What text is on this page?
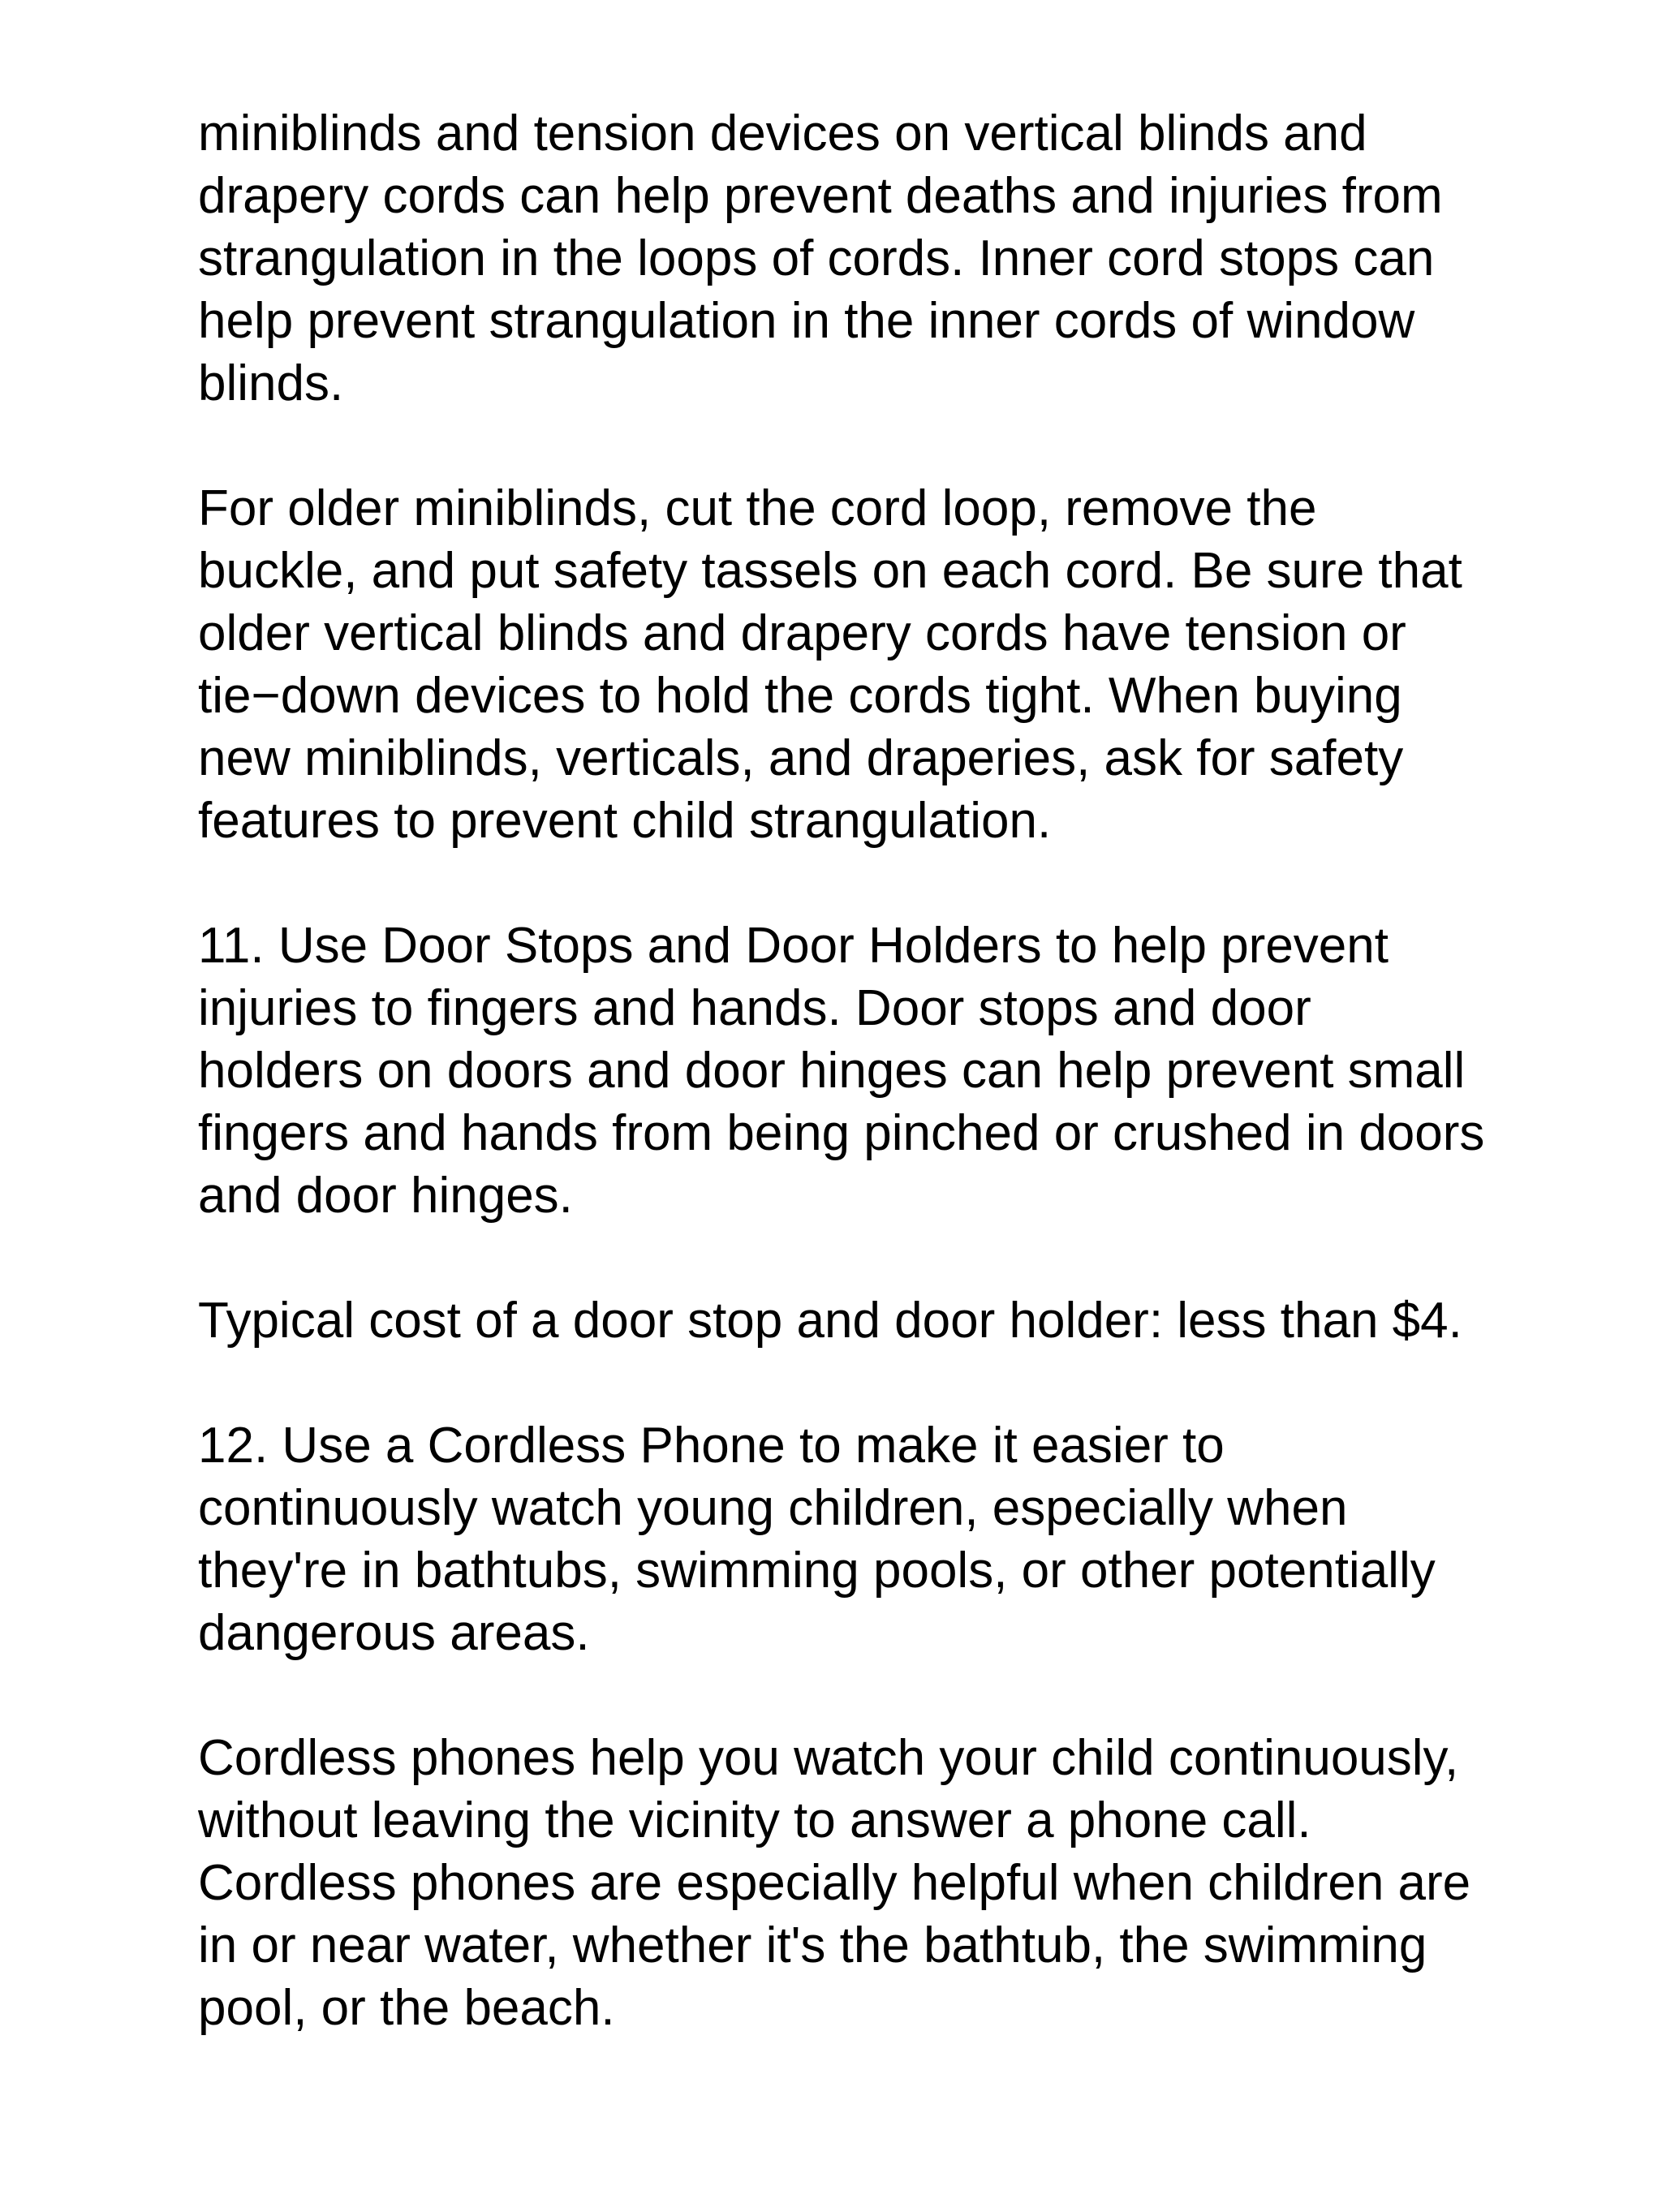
miniblinds and tension devices on vertical blinds and
drapery cords can help prevent deaths and injuries from
strangulation in the loops of cords. Inner cord stops can
help prevent strangulation in the inner cords of window
blinds.

For older miniblinds, cut the cord loop, remove the
buckle, and put safety tassels on each cord. Be sure that
older vertical blinds and drapery cords have tension or
tie−down devices to hold the cords tight. When buying
new miniblinds, verticals, and draperies, ask for safety
features to prevent child strangulation.

11. Use Door Stops and Door Holders to help prevent
injuries to fingers and hands. Door stops and door
holders on doors and door hinges can help prevent small
fingers and hands from being pinched or crushed in doors
and door hinges.

Typical cost of a door stop and door holder: less than $4.

12. Use a Cordless Phone to make it easier to
continuously watch young children, especially when
they're in bathtubs, swimming pools, or other potentially
dangerous areas.

Cordless phones help you watch your child continuously,
without leaving the vicinity to answer a phone call.
Cordless phones are especially helpful when children are
in or near water, whether it's the bathtub, the swimming
pool, or the beach.
